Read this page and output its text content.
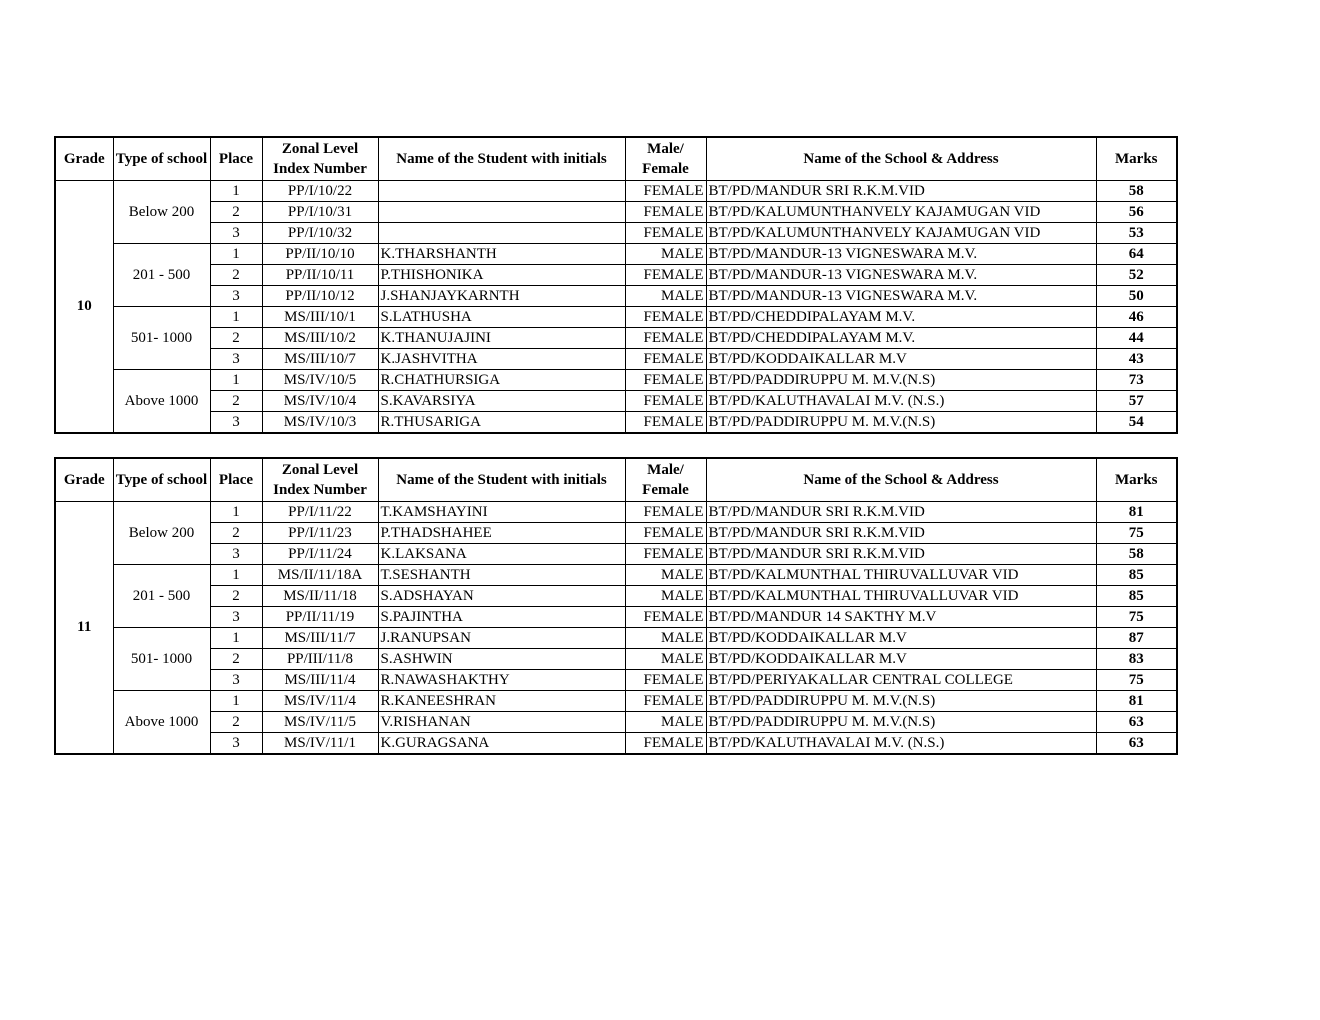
Grade	Type of school	Place	Zonal Level Index Number	Name of the Student with initials	Male/ Female	Name of the School & Address	Marks
10	Below 200	1	PP/I/10/22		FEMALE	BT/PD/MANDUR SRI R.K.M.VID	58
		2	PP/I/10/31		FEMALE	BT/PD/KALUMUNTHANVELY KAJAMUGAN VID	56
		3	PP/I/10/32		FEMALE	BT/PD/KALUMUNTHANVELY KAJAMUGAN VID	53
	201 - 500	1	PP/II/10/10	K.THARSHANTH	MALE	BT/PD/MANDUR-13 VIGNESWARA M.V.	64
		2	PP/II/10/11	P.THISHONIKA	FEMALE	BT/PD/MANDUR-13 VIGNESWARA M.V.	52
		3	PP/II/10/12	J.SHANJAYKARNTH	MALE	BT/PD/MANDUR-13 VIGNESWARA M.V.	50
	501- 1000	1	MS/III/10/1	S.LATHUSHA	FEMALE	BT/PD/CHEDDIPALAYAM M.V.	46
		2	MS/III/10/2	K.THANUJAJINI	FEMALE	BT/PD/CHEDDIPALAYAM M.V.	44
		3	MS/III/10/7	K.JASHVITHA	FEMALE	BT/PD/KODDAIKALLAR M.V	43
	Above 1000	1	MS/IV/10/5	R.CHATHURSIGA	FEMALE	BT/PD/PADDIRUPPU M. M.V.(N.S)	73
		2	MS/IV/10/4	S.KAVARSIYA	FEMALE	BT/PD/KALUTHAVALAI M.V. (N.S.)	57
		3	MS/IV/10/3	R.THUSARIGA	FEMALE	BT/PD/PADDIRUPPU M. M.V.(N.S)	54
Grade	Type of school	Place	Zonal Level Index Number	Name of the Student with initials	Male/ Female	Name of the School & Address	Marks
11	Below 200	1	PP/I/11/22	T.KAMSHAYINI	FEMALE	BT/PD/MANDUR SRI R.K.M.VID	81
		2	PP/I/11/23	P.THADSHAHEE	FEMALE	BT/PD/MANDUR SRI R.K.M.VID	75
		3	PP/I/11/24	K.LAKSANA	FEMALE	BT/PD/MANDUR SRI R.K.M.VID	58
	201 - 500	1	MS/II/11/18A	T.SESHANTH	MALE	BT/PD/KALMUNTHAL THIRUVALLUVAR VID	85
		2	MS/II/11/18	S.ADSHAYAN	MALE	BT/PD/KALMUNTHAL THIRUVALLUVAR VID	85
		3	PP/II/11/19	S.PAJINTHA	FEMALE	BT/PD/MANDUR 14 SAKTHY M.V	75
	501- 1000	1	MS/III/11/7	J.RANUPSAN	MALE	BT/PD/KODDAIKALLAR M.V	87
		2	PP/III/11/8	S.ASHWIN	MALE	BT/PD/KODDAIKALLAR M.V	83
		3	MS/III/11/4	R.NAWASHAKTHY	FEMALE	BT/PD/PERIYAKALLAR CENTRAL COLLEGE	75
	Above 1000	1	MS/IV/11/4	R.KANEESHRAN	FEMALE	BT/PD/PADDIRUPPU M. M.V.(N.S)	81
		2	MS/IV/11/5	V.RISHANAN	MALE	BT/PD/PADDIRUPPU M. M.V.(N.S)	63
		3	MS/IV/11/1	K.GURAGSANA	FEMALE	BT/PD/KALUTHAVALAI M.V. (N.S.)	63
